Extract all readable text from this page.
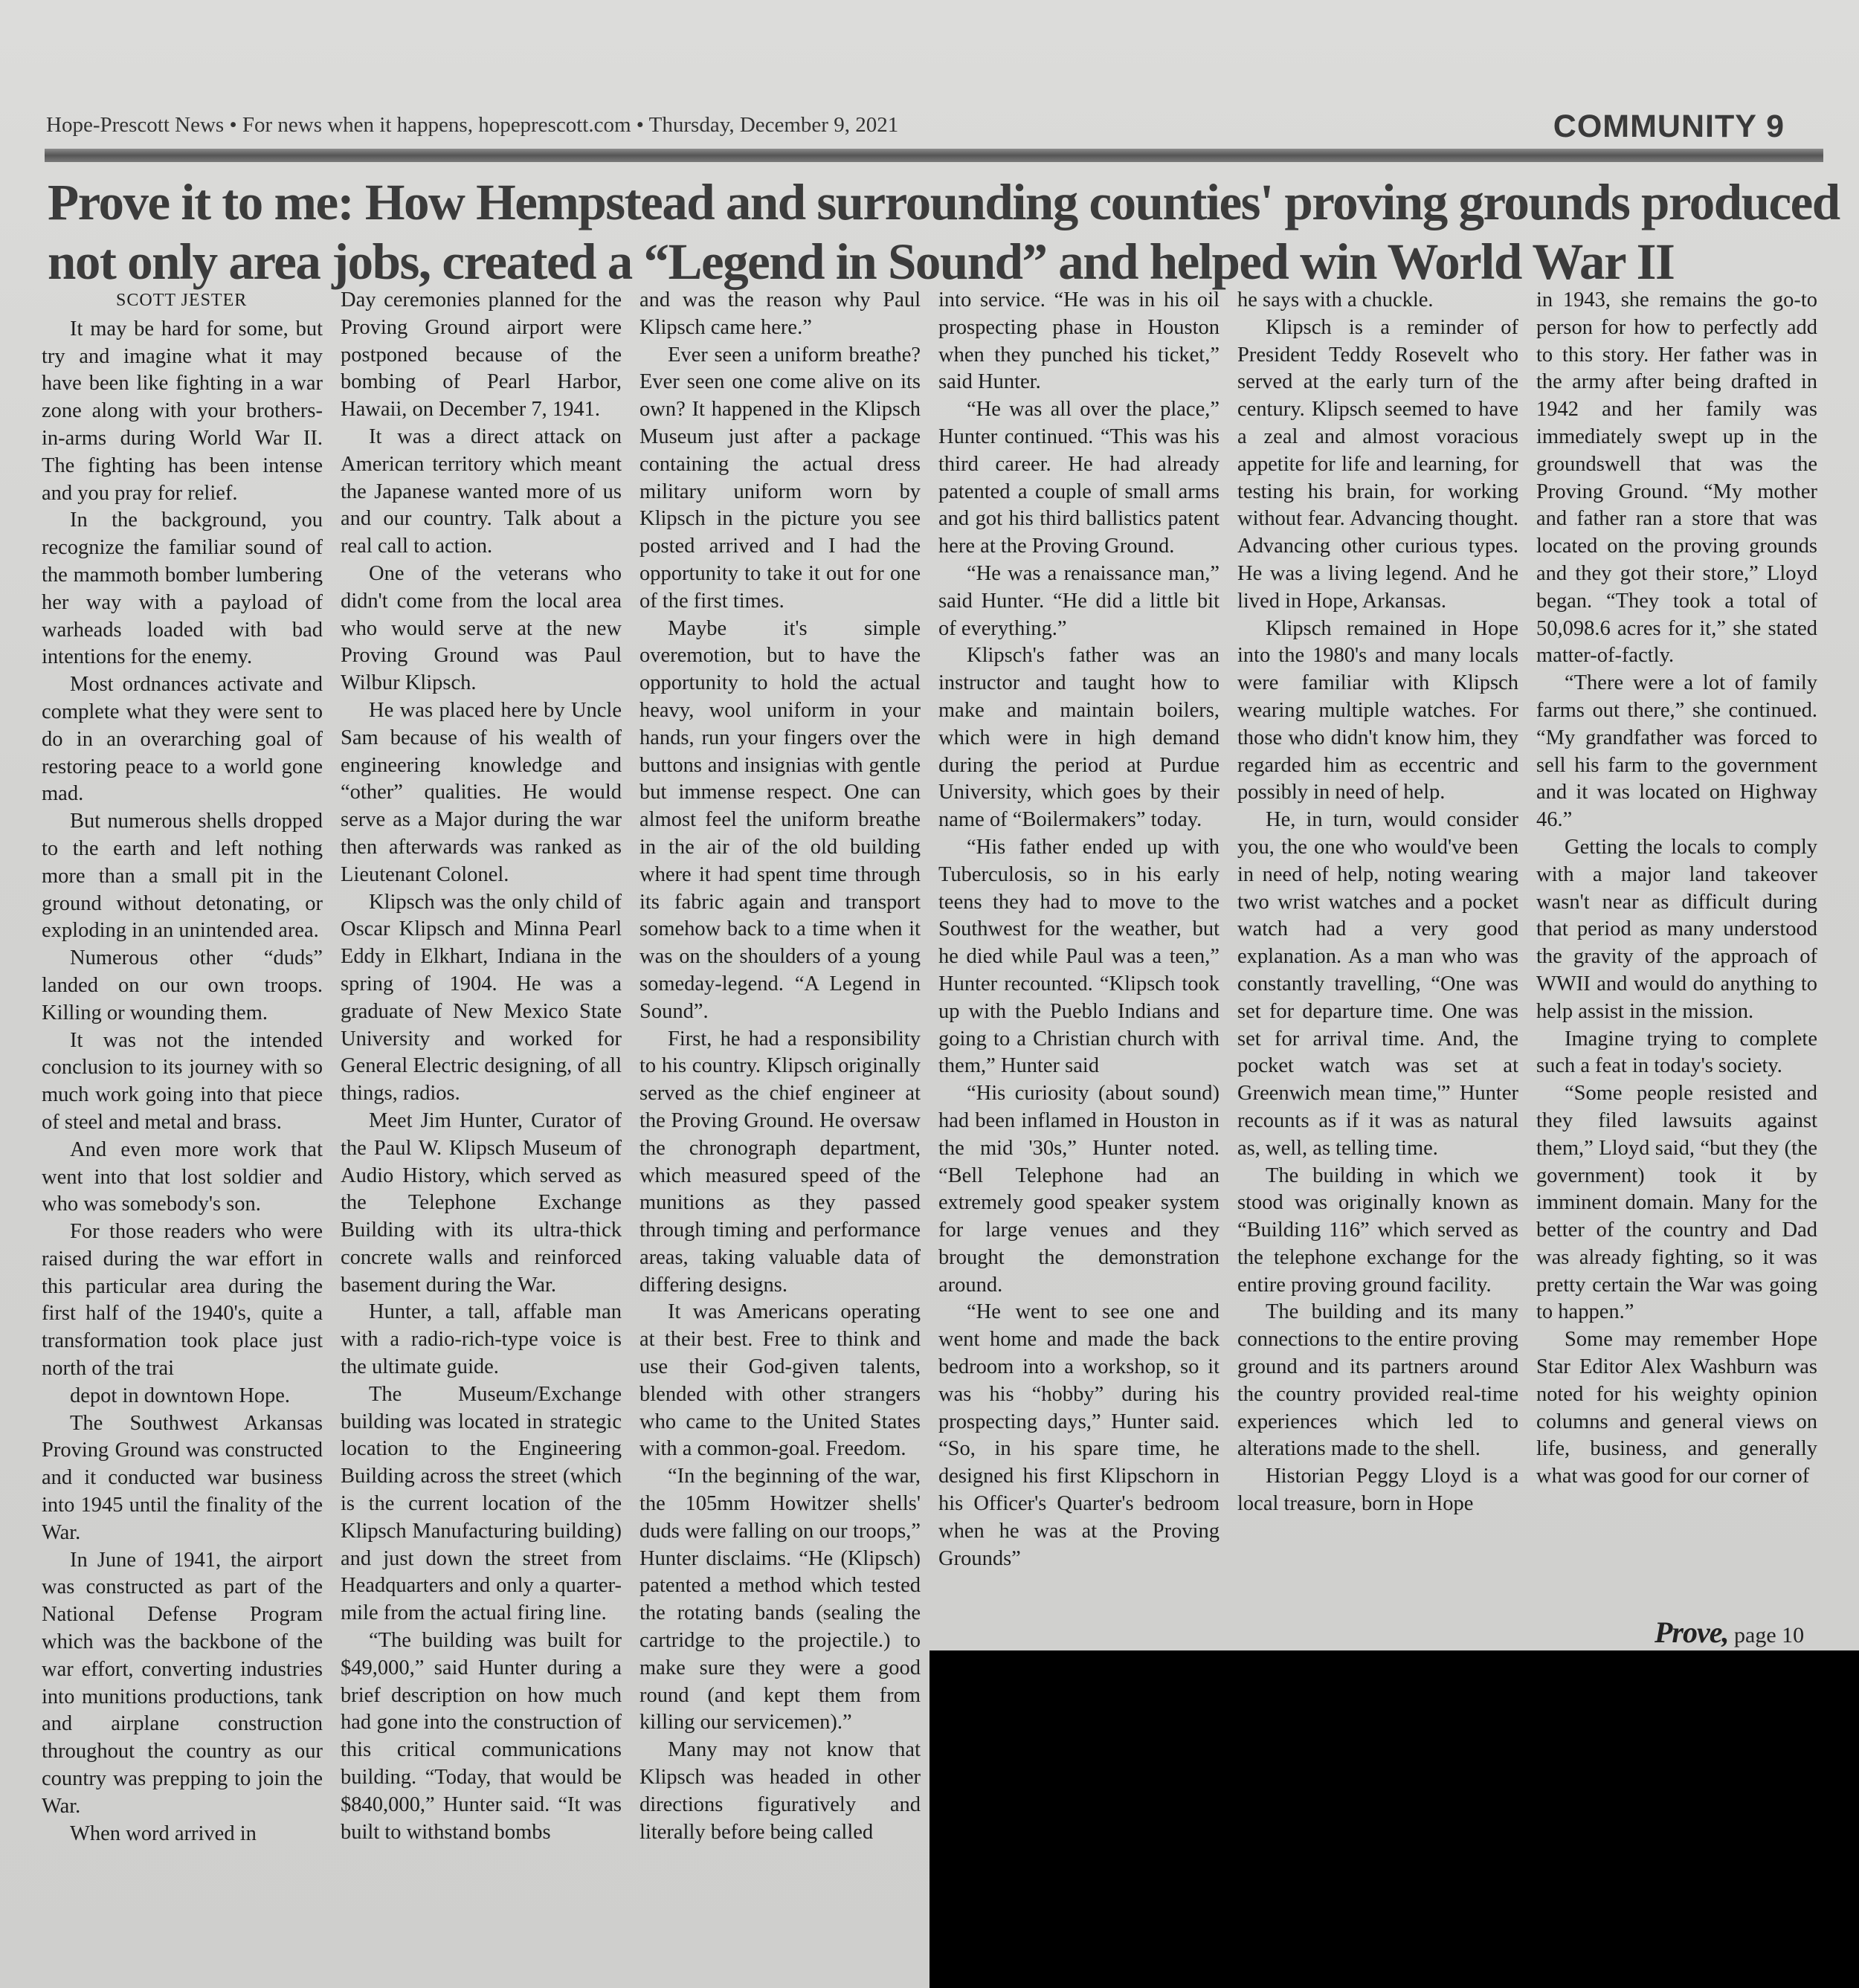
Hope-Prescott News • For news when it happens, hopeprescott.com • Thursday, December 9, 2021	COMMUNITY 9
Prove it to me: How Hempstead and surrounding counties' proving grounds produced
not only area jobs, created a “Legend in Sound” and helped win World War II
SCOTT JESTER

It may be hard for some, but try and imagine what it may have been like fighting in a war zone along with your brothers-in-arms during World War II. The fighting has been intense and you pray for relief.

In the background, you recognize the familiar sound of the mammoth bomber lumbering her way with a payload of warheads loaded with bad intentions for the enemy.

Most ordnances activate and complete what they were sent to do in an overarching goal of restoring peace to a world gone mad.

But numerous shells dropped to the earth and left nothing more than a small pit in the ground without detonating, or exploding in an unintended area.

Numerous other “duds” landed on our own troops. Killing or wounding them.

It was not the intended conclusion to its journey with so much work going into that piece of steel and metal and brass.

And even more work that went into that lost soldier and who was somebody's son.

For those readers who were raised during the war effort in this particular area during the first half of the 1940's, quite a transformation took place just north of the trai

depot in downtown Hope.

The Southwest Arkansas Proving Ground was constructed and it conducted war business into 1945 until the finality of the War.

In June of 1941, the airport was constructed as part of the National Defense Program which was the backbone of the war effort, converting industries into munitions productions, tank and airplane construction throughout the country as our country was prepping to join the War.

When word arrived in

Day ceremonies planned for the Proving Ground airport were postponed because of the bombing of Pearl Harbor, Hawaii, on December 7, 1941.

It was a direct attack on American territory which meant the Japanese wanted more of us and our country. Talk about a real call to action.

One of the veterans who didn't come from the local area who would serve at the new Proving Ground was Paul Wilbur Klipsch.

He was placed here by Uncle Sam because of his wealth of engineering knowledge and “other” qualities. He would serve as a Major during the war then afterwards was ranked as Lieutenant Colonel.

Klipsch was the only child of Oscar Klipsch and Minna Pearl Eddy in Elkhart, Indiana in the spring of 1904. He was a graduate of New Mexico State University and worked for General Electric designing, of all things, radios.

Meet Jim Hunter, Curator of the Paul W. Klipsch Museum of Audio History, which served as the Telephone Exchange Building with its ultra-thick concrete walls and reinforced basement during the War.

Hunter, a tall, affable man with a radio-rich-type voice is the ultimate guide.

The Museum/Exchange building was located in strategic location to the Engineering Building across the street (which is the current location of the Klipsch Manufacturing building) and just down the street from Headquarters and only a quarter-mile from the actual firing line.

“The building was built for $49,000,” said Hunter during a brief description on how much had gone into the construction of this critical communications building. “Today, that would be $840,000,” Hunter said. “It was built to withstand bombs

and was the reason why Paul Klipsch came here.”

Ever seen a uniform breathe? Ever seen one come alive on its own? It happened in the Klipsch Museum just after a package containing the actual dress military uniform worn by Klipsch in the picture you see posted arrived and I had the opportunity to take it out for one of the first times.

Maybe it's simple overemotion, but to have the opportunity to hold the actual heavy, wool uniform in your hands, run your fingers over the buttons and insignias with gentle but immense respect. One can almost feel the uniform breathe in the air of the old building where it had spent time through its fabric again and transport somehow back to a time when it was on the shoulders of a young someday-legend. “A Legend in Sound”.

First, he had a responsibility to his country. Klipsch originally served as the chief engineer at the Proving Ground. He oversaw the chronograph department, which measured speed of the munitions as they passed through timing and performance areas, taking valuable data of differing designs.

It was Americans operating at their best. Free to think and use their God-given talents, blended with other strangers who came to the United States with a common-goal. Freedom.

“In the beginning of the war, the 105mm Howitzer shells' duds were falling on our troops,” Hunter disclaims. “He (Klipsch) patented a method which tested the rotating bands (sealing the cartridge to the projectile.) to make sure they were a good round (and kept them from killing our servicemen).”

Many may not know that Klipsch was headed in other directions figuratively and literally before being called

into service. “He was in his oil prospecting phase in Houston when they punched his ticket,” said Hunter.

“He was all over the place,” Hunter continued. “This was his third career. He had already patented a couple of small arms and got his third ballistics patent here at the Proving Ground.

“He was a renaissance man,” said Hunter. “He did a little bit of everything.”

Klipsch's father was an instructor and taught how to make and maintain boilers, which were in high demand during the period at Purdue University, which goes by their name of “Boilermakers” today.

“His father ended up with Tuberculosis, so in his early teens they had to move to the Southwest for the weather, but he died while Paul was a teen,” Hunter recounted. “Klipsch took up with the Pueblo Indians and going to a Christian church with them,” Hunter said

“His curiosity (about sound) had been inflamed in Houston in the mid '30s,” Hunter noted. “Bell Telephone had an extremely good speaker system for large venues and they brought the demonstration around.

“He went to see one and went home and made the back bedroom into a workshop, so it was his “hobby” during his prospecting days,” Hunter said. “So, in his spare time, he designed his first Klipschorn in his Officer's Quarter's bedroom when he was at the Proving Grounds”

he says with a chuckle.

Klipsch is a reminder of President Teddy Rosevelt who served at the early turn of the century. Klipsch seemed to have a zeal and almost voracious appetite for life and learning, for testing his brain, for working without fear. Advancing thought. Advancing other curious types. He was a living legend. And he lived in Hope, Arkansas.

Klipsch remained in Hope into the 1980's and many locals were familiar with Klipsch wearing multiple watches. For those who didn't know him, they regarded him as eccentric and possibly in need of help.

He, in turn, would consider you, the one who would've been in need of help, noting wearing two wrist watches and a pocket watch had a very good explanation. As a man who was constantly travelling, “One was set for departure time. One was set for arrival time. And, the pocket watch was set at Greenwich mean time,'” Hunter recounts as if it was as natural as, well, as telling time.

The building in which we stood was originally known as “Building 116” which served as the telephone exchange for the entire proving ground facility.

The building and its many connections to the entire proving ground and its partners around the country provided real-time experiences which led to alterations made to the shell.

Historian Peggy Lloyd is a local treasure, born in Hope

in 1943, she remains the go-to person for how to perfectly add to this story. Her father was in the army after being drafted in 1942 and her family was immediately swept up in the groundswell that was the Proving Ground. “My mother and father ran a store that was located on the proving grounds and they got their store,” Lloyd began. “They took a total of 50,098.6 acres for it,” she stated matter-of-factly.

“There were a lot of family farms out there,” she continued. “My grandfather was forced to sell his farm to the government and it was located on Highway 46.”

Getting the locals to comply with a major land takeover wasn't near as difficult during that period as many understood the gravity of the approach of WWII and would do anything to help assist in the mission.

Imagine trying to complete such a feat in today's society.

“Some people resisted and they filed lawsuits against them,” Lloyd said, “but they (the government) took it by imminent domain. Many for the better of the country and Dad was already fighting, so it was pretty certain the War was going to happen.”

Some may remember Hope Star Editor Alex Washburn was noted for his weighty opinion columns and general views on life, business, and generally what was good for our corner of

Prove, page 10
